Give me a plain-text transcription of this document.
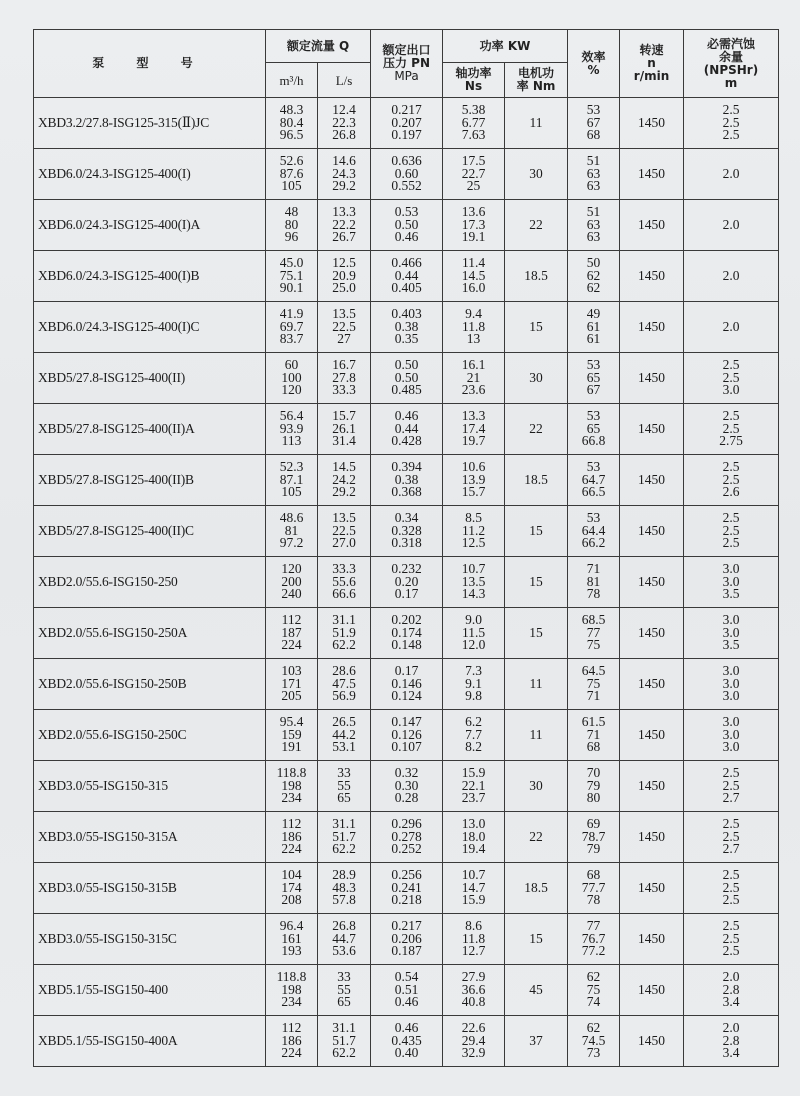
泵 型 号	额定流量 Q		额定出口
压力 PN
MPa	功率 KW		效率
%	转速
n
r/min	必需汽蚀
余量
(NPSHr)
m

	m³/h	L/s		轴功率
Ns	电机功
率 Nm			

XBD3.2/27.8-ISG125-315(Ⅱ)JC	48.3
80.4
96.5	12.4
22.3
26.8	0.217
0.207
0.197	5.38
6.77
7.63	11	53
67
68	1450	2.5
2.5
2.5

XBD6.0/24.3-ISG125-400(I)	52.6
87.6
105	14.6
24.3
29.2	0.636
0.60
0.552	17.5
22.7
25	30	51
63
63	1450	2.0

XBD6.0/24.3-ISG125-400(I)A	48
80
96	13.3
22.2
26.7	0.53
0.50
0.46	13.6
17.3
19.1	22	51
63
63	1450	2.0

XBD6.0/24.3-ISG125-400(I)B	45.0
75.1
90.1	12.5
20.9
25.0	0.466
0.44
0.405	11.4
14.5
16.0	18.5	50
62
62	1450	2.0

XBD6.0/24.3-ISG125-400(I)C	41.9
69.7
83.7	13.5
22.5
27	0.403
0.38
0.35	9.4
11.8
13	15	49
61
61	1450	2.0

XBD5/27.8-ISG125-400(II)	60
100
120	16.7
27.8
33.3	0.50
0.50
0.485	16.1
21
23.6	30	53
65
67	1450	2.5
2.5
3.0

XBD5/27.8-ISG125-400(II)A	56.4
93.9
113	15.7
26.1
31.4	0.46
0.44
0.428	13.3
17.4
19.7	22	53
65
66.8	1450	2.5
2.5
2.75

XBD5/27.8-ISG125-400(II)B	52.3
87.1
105	14.5
24.2
29.2	0.394
0.38
0.368	10.6
13.9
15.7	18.5	53
64.7
66.5	1450	2.5
2.5
2.6

XBD5/27.8-ISG125-400(II)C	48.6
81
97.2	13.5
22.5
27.0	0.34
0.328
0.318	8.5
11.2
12.5	15	53
64.4
66.2	1450	2.5
2.5
2.5

XBD2.0/55.6-ISG150-250	120
200
240	33.3
55.6
66.6	0.232
0.20
0.17	10.7
13.5
14.3	15	71
81
78	1450	3.0
3.0
3.5

XBD2.0/55.6-ISG150-250A	112
187
224	31.1
51.9
62.2	0.202
0.174
0.148	9.0
11.5
12.0	15	68.5
77
75	1450	3.0
3.0
3.5

XBD2.0/55.6-ISG150-250B	103
171
205	28.6
47.5
56.9	0.17
0.146
0.124	7.3
9.1
9.8	11	64.5
75
71	1450	3.0
3.0
3.0

XBD2.0/55.6-ISG150-250C	95.4
159
191	26.5
44.2
53.1	0.147
0.126
0.107	6.2
7.7
8.2	11	61.5
71
68	1450	3.0
3.0
3.0

XBD3.0/55-ISG150-315	118.8
198
234	33
55
65	0.32
0.30
0.28	15.9
22.1
23.7	30	70
79
80	1450	2.5
2.5
2.7

XBD3.0/55-ISG150-315A	112
186
224	31.1
51.7
62.2	0.296
0.278
0.252	13.0
18.0
19.4	22	69
78.7
79	1450	2.5
2.5
2.7

XBD3.0/55-ISG150-315B	104
174
208	28.9
48.3
57.8	0.256
0.241
0.218	10.7
14.7
15.9	18.5	68
77.7
78	1450	2.5
2.5
2.5

XBD3.0/55-ISG150-315C	96.4
161
193	26.8
44.7
53.6	0.217
0.206
0.187	8.6
11.8
12.7	15	77
76.7
77.2	1450	2.5
2.5
2.5

XBD5.1/55-ISG150-400	118.8
198
234	33
55
65	0.54
0.51
0.46	27.9
36.6
40.8	45	62
75
74	1450	2.0
2.8
3.4

XBD5.1/55-ISG150-400A	112
186
224	31.1
51.7
62.2	0.46
0.435
0.40	22.6
29.4
32.9	37	62
74.5
73	1450	2.0
2.8
3.4
